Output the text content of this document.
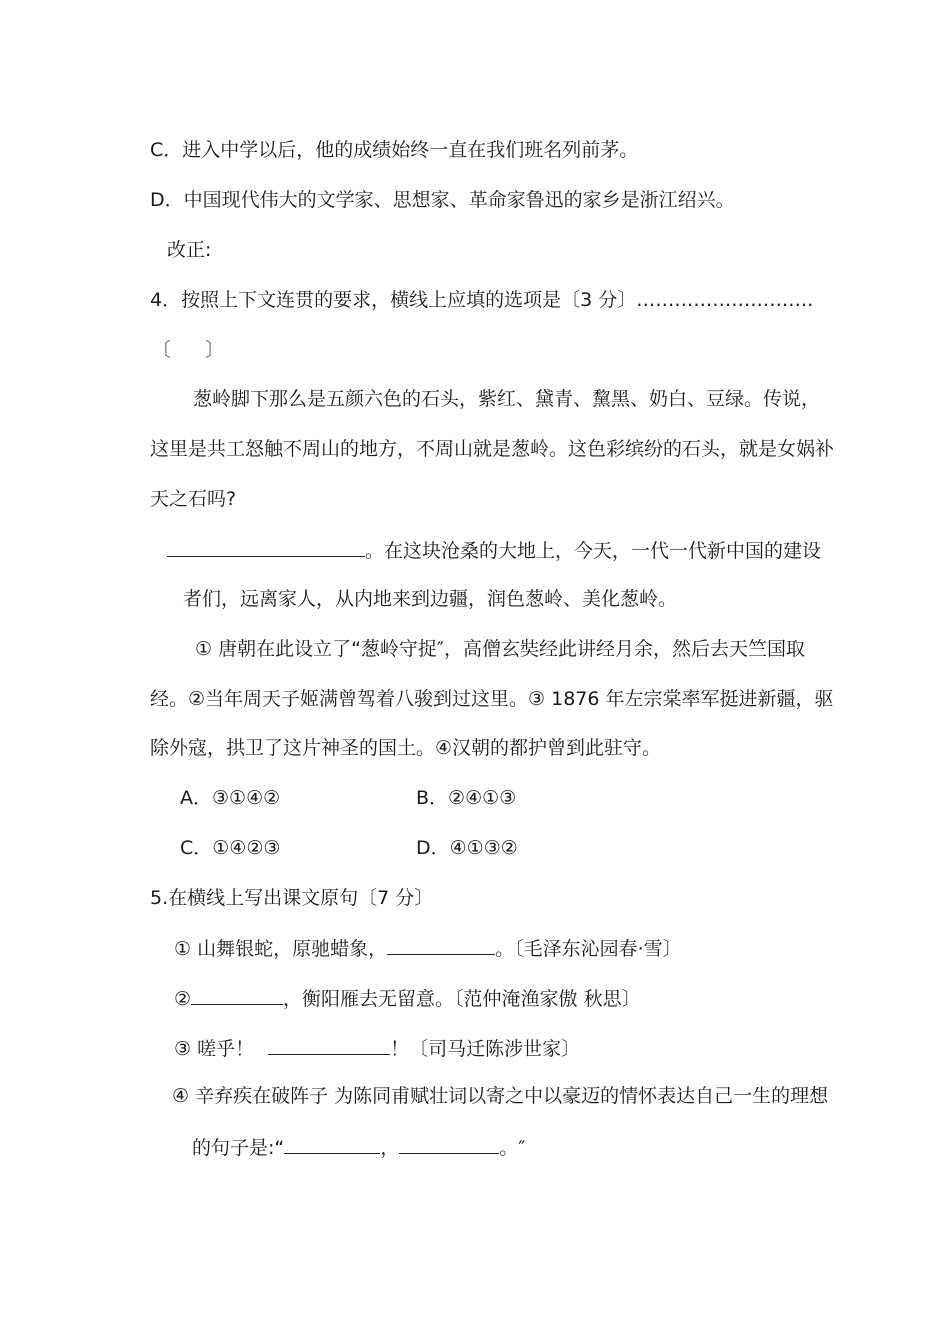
C．进入中学以后，他的成绩始终一直在我们班名列前茅。
D．中国现代伟大的文学家、思想家、革命家鲁迅的家乡是浙江绍兴。
改正:
4．按照上下文连贯的要求，横线上应填的选项是〔3 分〕……………………….
〔 〕
葱岭脚下那么是五颜六色的石头，紫红、黛青、黧黑、奶白、豆绿。传说，
这里是共工怒触不周山的地方，不周山就是葱岭。这色彩缤纷的石头，就是女娲补
天之石吗?
。在这块沧桑的大地上，今天，一代一代新中国的建设
者们，远离家人，从内地来到边疆，润色葱岭、美化葱岭。
① 唐朝在此设立了“葱岭守捉″，高僧玄奘经此讲经月余，然后去天竺国取
经。②当年周天子姬满曾驾着八骏到过这里。③ 1876 年左宗棠率军挺进新疆，驱
除外寇，拱卫了这片神圣的国土。④汉朝的都护曾到此驻守。
A．③①④②	B．②④①③
C．①④②③	D．④①③②
5.在横线上写出课文原句〔7 分〕
① 山舞银蛇，原驰蜡象，	。〔毛泽东沁园春·雪〕
②	，衡阳雁去无留意。〔范仲淹渔家傲 秋思〕
③ 嗟乎！	！〔司马迁陈涉世家〕
④ 辛弃疾在破阵子 为陈同甫赋壮词以寄之中以豪迈的情怀表达自己一生的理想
的句子是:“	，	。″
